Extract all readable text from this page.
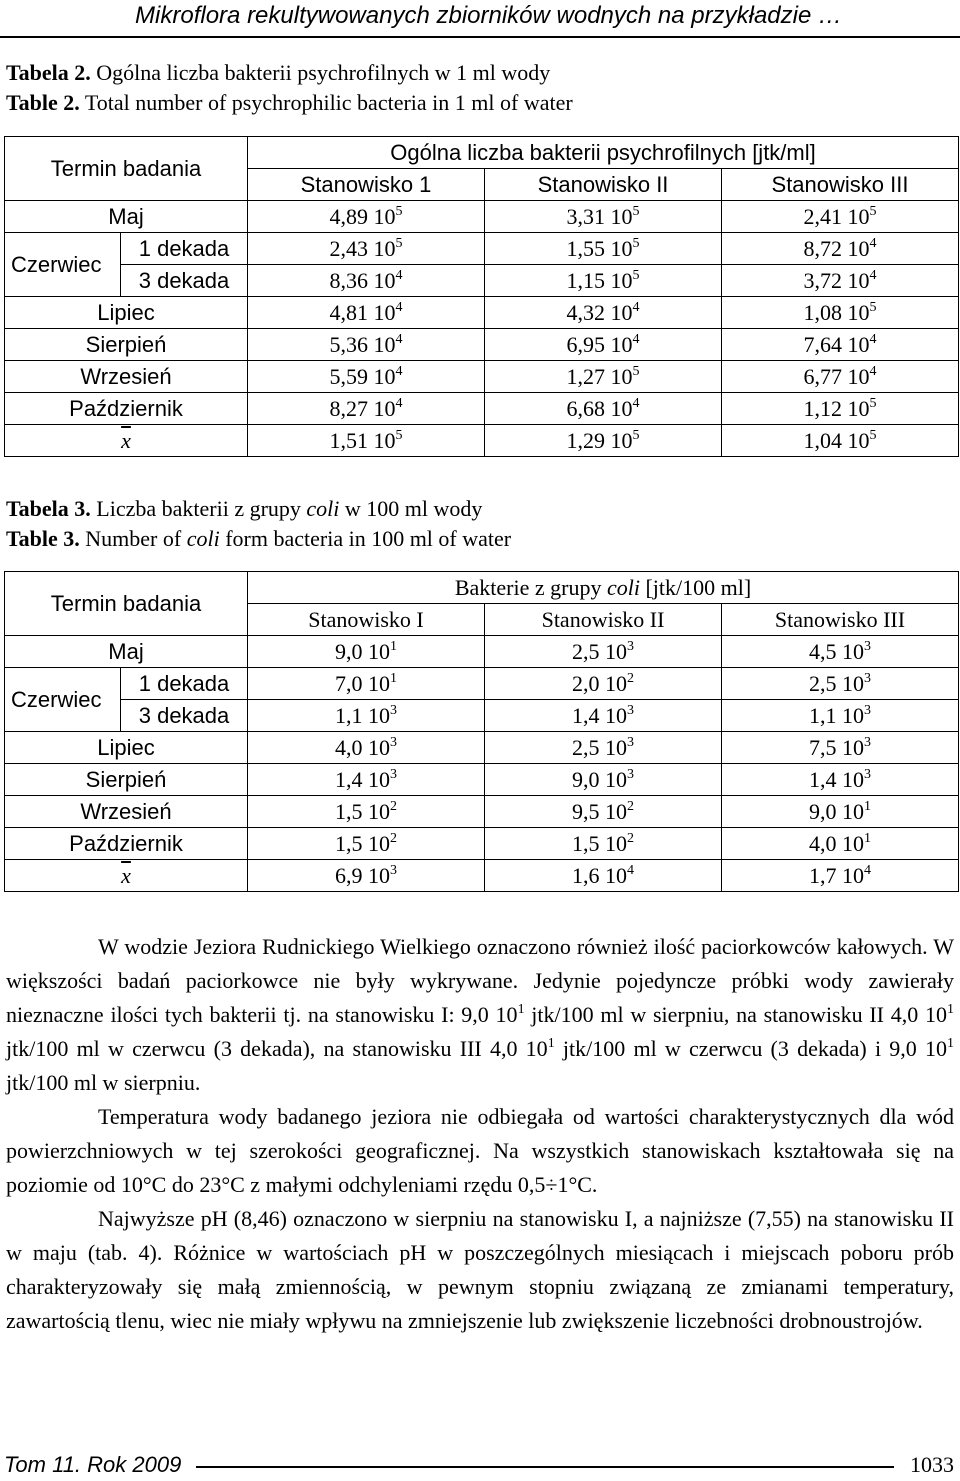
Mikroflora rekultywowanych zbiorników wodnych na przykładzie …
Tabela 2. Ogólna liczba bakterii psychrofilnych w 1 ml wody
Table 2. Total number of psychrophilic bacteria in 1 ml of water
Termin badania		Ogólna liczba bakterii psychrofilnych [jtk/ml]		
		Stanowisko 1	Stanowisko II	Stanowisko III
Maj		4,89 $10^5$	3,31 $10^5$	2,41 $10^5$
Czerwiec	1 dekada	2,43 $10^5$	1,55 $10^5$	8,72 $10^4$
	3 dekada	8,36 $10^4$	1,15 $10^5$	3,72 $10^4$
Lipiec		4,81 $10^4$	4,32 $10^4$	1,08 $10^5$
Sierpień		5,36 $10^4$	6,95 $10^4$	7,64 $10^4$
Wrzesień		5,59 $10^4$	1,27 $10^5$	6,77 $10^4$
Październik		8,27 $10^4$	6,68 $10^4$	1,12 $10^5$
$\overline{x}$		1,51 $10^5$	1,29 $10^5$	1,04 $10^5$
Tabela 3. Liczba bakterii z grupy coli w 100 ml wody
Table 3. Number of coli form bacteria in 100 ml of water
Termin badania		Bakterie z grupy coli [jtk/100 ml]		
		Stanowisko I	Stanowisko II	Stanowisko III
Maj		9,0 $10^1$	2,5 $10^3$	4,5 $10^3$
Czerwiec	1 dekada	7,0 $10^1$	2,0 $10^2$	2,5 $10^3$
	3 dekada	1,1 $10^3$	1,4 $10^3$	1,1 $10^3$
Lipiec		4,0 $10^3$	2,5 $10^3$	7,5 $10^3$
Sierpień		1,4 $10^3$	9,0 $10^3$	1,4 $10^3$
Wrzesień		1,5 $10^2$	9,5 $10^2$	9,0 $10^1$
Październik		1,5 $10^2$	1,5 $10^2$	4,0 $10^1$
$\overline{x}$		6,9 $10^3$	1,6 $10^4$	1,7 $10^4$

W wodzie Jeziora Rudnickiego Wielkiego oznaczono również ilość paciorkowców kałowych. W większości badań paciorkowce nie były wykrywane. Jedynie pojedyncze próbki wody zawierały nieznaczne ilości tych bakterii tj. na stanowisku I: 9,0 $10^1$ jtk/100 ml w sierpniu, na stanowisku II 4,0 $10^1$ jtk/100 ml w czerwcu (3 dekada), na stanowisku III 4,0 $10^1$ jtk/100 ml w czerwcu (3 dekada) i 9,0 $10^1$ jtk/100 ml w sierpniu.

Temperatura wody badanego jeziora nie odbiegała od wartości charakterystycznych dla wód powierzchniowych w tej szerokości geograficznej. Na wszystkich stanowiskach kształtowała się na poziomie od 10°C do 23°C z małymi odchyleniami rzędu 0,5÷1°C.

Najwyższe pH (8,46) oznaczono w sierpniu na stanowisku I, a najniższe (7,55) na stanowisku II w maju (tab. 4). Różnice w wartościach pH w poszczególnych miesiącach i miejscach poboru prób charakteryzowały się małą zmiennością, w pewnym stopniu związaną ze zmianami temperatury, zawartością tlenu, wiec nie miały wpływu na zmniejszenie lub zwiększenie liczebności drobnoustrojów.

Tom 11. Rok 2009	1033
